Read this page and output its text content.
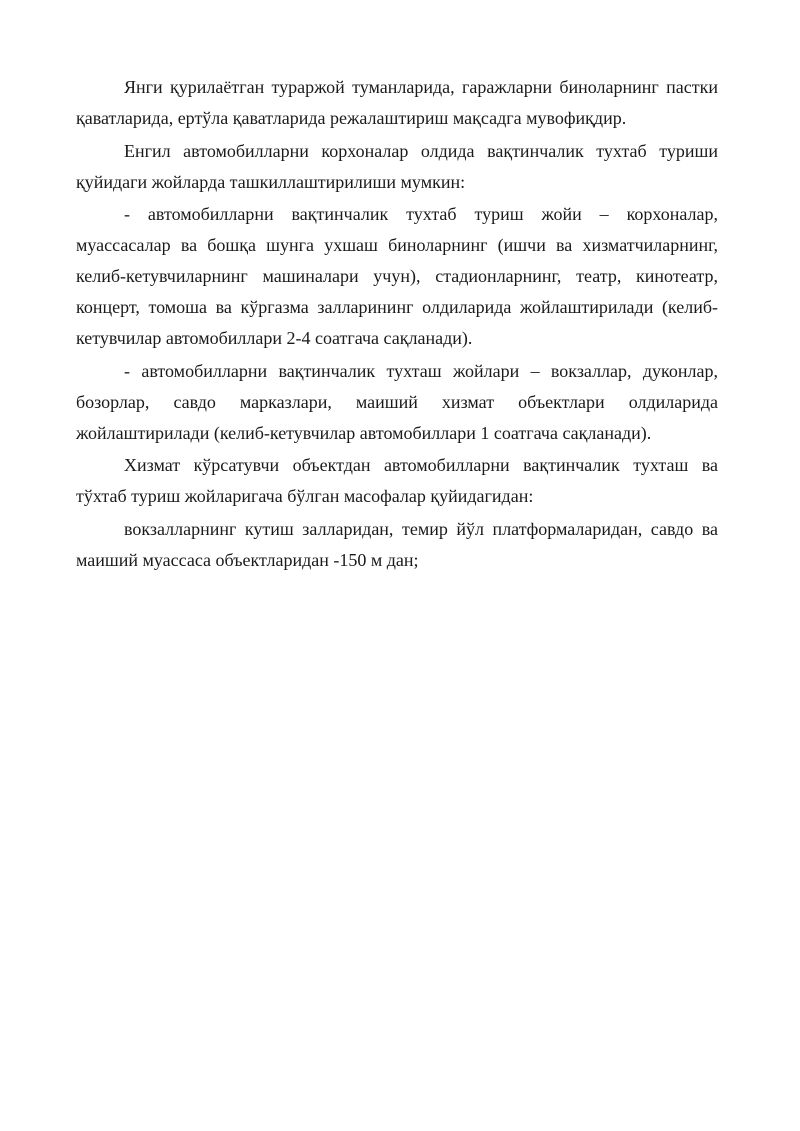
Янги қурилаётган тураржой туманларида, гаражларни биноларнинг пастки қаватларида, ертўла қаватларида режалаштириш мақсадга мувофиқдир.

Енгил автомобилларни корхоналар олдида вақтинчалик тухтаб туриши қуйидаги жойларда ташкиллаштирилиши мумкин:

- автомобилларни вақтинчалик тухтаб туриш жойи – корхоналар, муассасалар ва бошқа шунга ухшаш биноларнинг (ишчи ва хизматчиларнинг, келиб-кетувчиларнинг машиналари учун), стадионларнинг, театр, кинотеатр, концерт, томоша ва кўргазма залларининг олдиларида жойлаштирилади (келиб-кетувчилар автомобиллари 2-4 соатгача сақланади).

- автомобилларни вақтинчалик тухташ жойлари – вокзаллар, дуконлар, бозорлар, савдо марказлари, маиший хизмат объектлари олдиларида жойлаштирилади (келиб-кетувчилар автомобиллари 1 соатгача сақланади).

Хизмат кўрсатувчи объектдан автомобилларни вақтинчалик тухташ ва тўхтаб туриш жойларигача бўлган масофалар қуйидагидан:

вокзалларнинг кутиш залларидан, темир йўл платформаларидан, савдо ва маиший муассаса объектларидан -150 м дан;
